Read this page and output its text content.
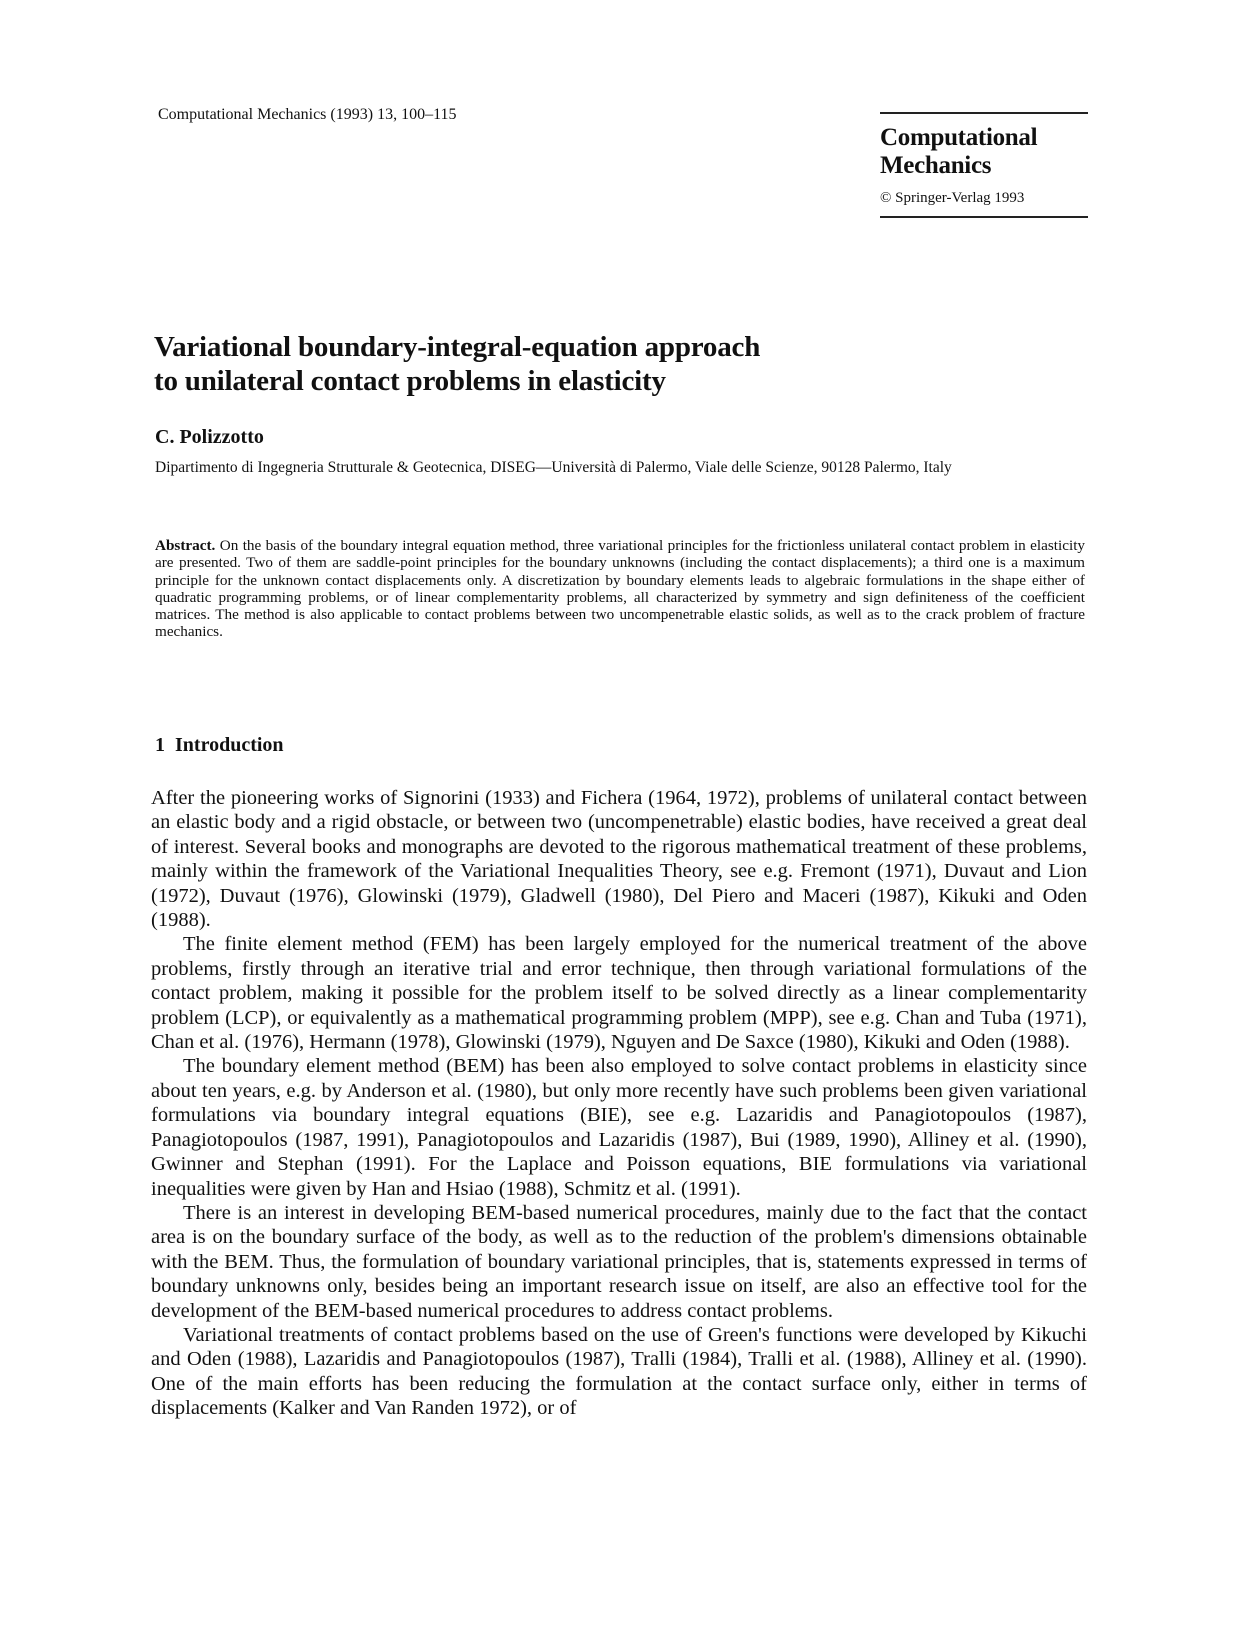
Computational Mechanics (1993) 13, 100–115
Computational
Mechanics
© Springer-Verlag 1993
Variational boundary-integral-equation approach
to unilateral contact problems in elasticity
C. Polizzotto
Dipartimento di Ingegneria Strutturale & Geotecnica, DISEG—Università di Palermo, Viale delle Scienze, 90128 Palermo, Italy
Abstract. On the basis of the boundary integral equation method, three variational principles for the frictionless unilateral contact problem in elasticity are presented. Two of them are saddle-point principles for the boundary unknowns (including the contact displacements); a third one is a maximum principle for the unknown contact displacements only. A discretization by boundary elements leads to algebraic formulations in the shape either of quadratic programming problems, or of linear complementarity problems, all characterized by symmetry and sign definiteness of the coefficient matrices. The method is also applicable to contact problems between two uncompenetrable elastic solids, as well as to the crack problem of fracture mechanics.
1 Introduction

After the pioneering works of Signorini (1933) and Fichera (1964, 1972), problems of unilateral contact between an elastic body and a rigid obstacle, or between two (uncompenetrable) elastic bodies, have received a great deal of interest. Several books and monographs are devoted to the rigorous mathematical treatment of these problems, mainly within the framework of the Variational Inequalities Theory, see e.g. Fremont (1971), Duvaut and Lion (1972), Duvaut (1976), Glowinski (1979), Gladwell (1980), Del Piero and Maceri (1987), Kikuki and Oden (1988).

The finite element method (FEM) has been largely employed for the numerical treatment of the above problems, firstly through an iterative trial and error technique, then through variational formulations of the contact problem, making it possible for the problem itself to be solved directly as a linear complementarity problem (LCP), or equivalently as a mathematical programming problem (MPP), see e.g. Chan and Tuba (1971), Chan et al. (1976), Hermann (1978), Glowinski (1979), Nguyen and De Saxce (1980), Kikuki and Oden (1988).

The boundary element method (BEM) has been also employed to solve contact problems in elasticity since about ten years, e.g. by Anderson et al. (1980), but only more recently have such problems been given variational formulations via boundary integral equations (BIE), see e.g. Lazaridis and Panagiotopoulos (1987), Panagiotopoulos (1987, 1991), Panagiotopoulos and Lazaridis (1987), Bui (1989, 1990), Alliney et al. (1990), Gwinner and Stephan (1991). For the Laplace and Poisson equations, BIE formulations via variational inequalities were given by Han and Hsiao (1988), Schmitz et al. (1991).

There is an interest in developing BEM-based numerical procedures, mainly due to the fact that the contact area is on the boundary surface of the body, as well as to the reduction of the problem's dimensions obtainable with the BEM. Thus, the formulation of boundary variational principles, that is, statements expressed in terms of boundary unknowns only, besides being an important research issue on itself, are also an effective tool for the development of the BEM-based numerical procedures to address contact problems.

Variational treatments of contact problems based on the use of Green's functions were developed by Kikuchi and Oden (1988), Lazaridis and Panagiotopoulos (1987), Tralli (1984), Tralli et al. (1988), Alliney et al. (1990). One of the main efforts has been reducing the formulation at the contact surface only, either in terms of displacements (Kalker and Van Randen 1972), or of
